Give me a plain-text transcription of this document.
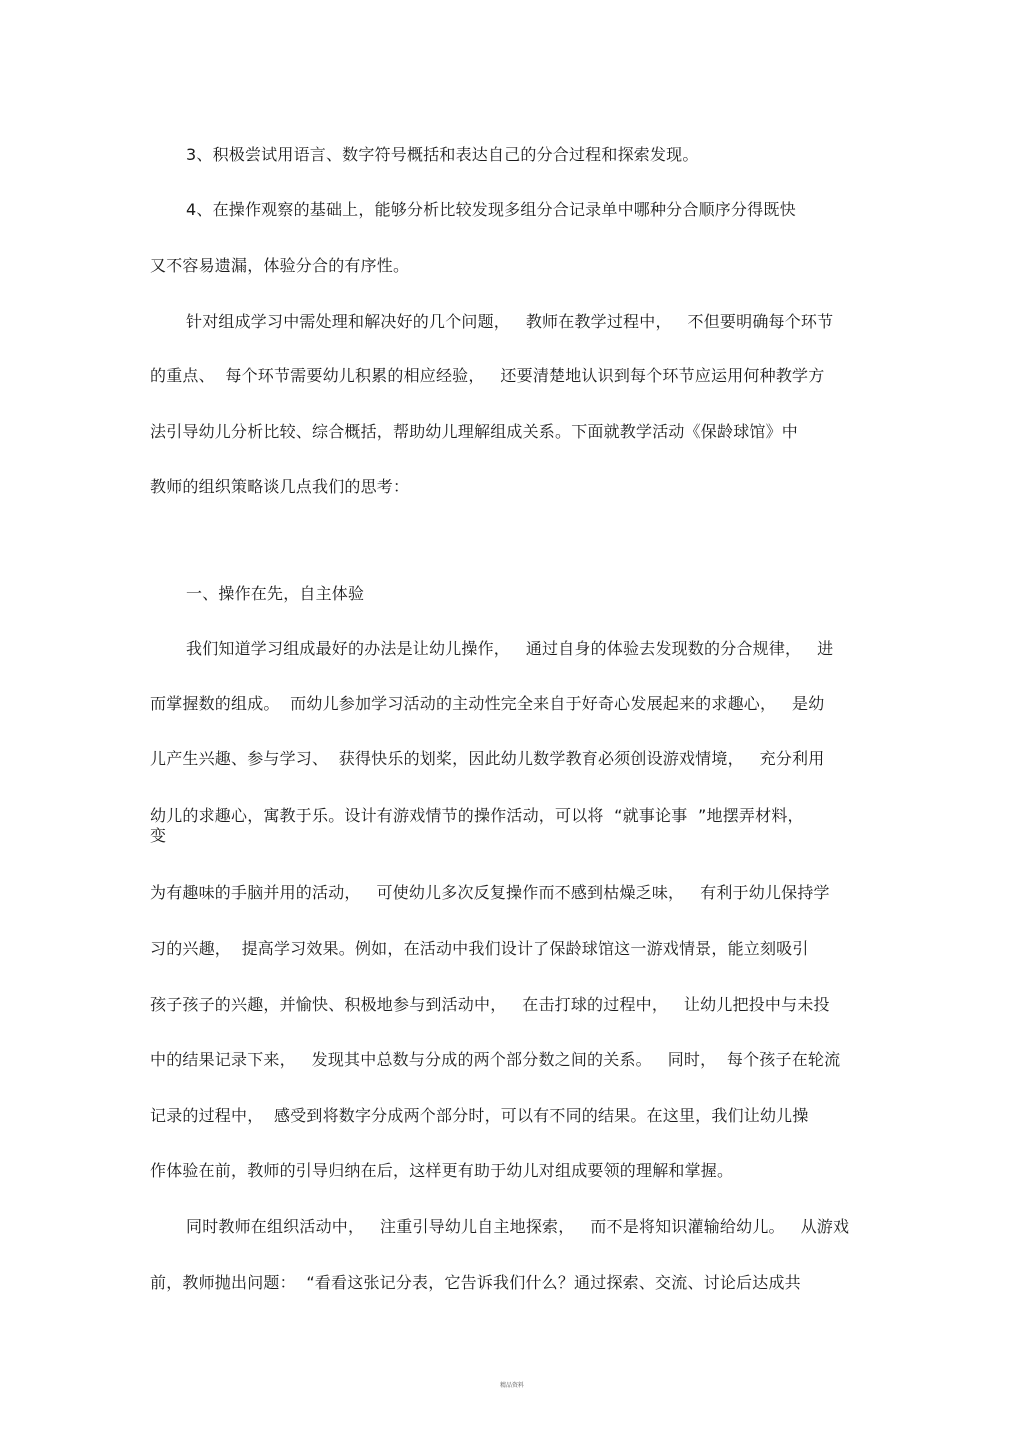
3、积极尝试用语言、数字符号概括和表达自己的分合过程和探索发现。
4、在操作观察的基础上，能够分析比较发现多组分合记录单中哪种分合顺序分得既快
又不容易遗漏，体验分合的有序性。
针对组成学习中需处理和解决好的几个问题，   教师在教学过程中，   不但要明确每个环节
的重点、  每个环节需要幼儿积累的相应经验，   还要清楚地认识到每个环节应运用何种教学方
法引导幼儿分析比较、综合概括，帮助幼儿理解组成关系。下面就教学活动《保龄球馆》中
教师的组织策略谈几点我们的思考：
一、操作在先，自主体验
我们知道学习组成最好的办法是让幼儿操作，   通过自身的体验去发现数的分合规律，   进
而掌握数的组成。  而幼儿参加学习活动的主动性完全来自于好奇心发展起来的求趣心，   是幼
儿产生兴趣、参与学习、  获得快乐的划桨，因此幼儿数学教育必须创设游戏情境，   充分利用
幼儿的求趣心，寓教于乐。设计有游戏情节的操作活动，可以将  “就事论事  ”地摆弄材料，
变
为有趣味的手脑并用的活动，   可使幼儿多次反复操作而不感到枯燥乏味，   有利于幼儿保持学
习的兴趣，  提高学习效果。例如，在活动中我们设计了保龄球馆这一游戏情景，能立刻吸引
孩子孩子的兴趣，并愉快、积极地参与到活动中，   在击打球的过程中，   让幼儿把投中与未投
中的结果记录下来，   发现其中总数与分成的两个部分数之间的关系。   同时，  每个孩子在轮流
记录的过程中，  感受到将数字分成两个部分时，可以有不同的结果。在这里，我们让幼儿操
作体验在前，教师的引导归纳在后，这样更有助于幼儿对组成要领的理解和掌握。
同时教师在组织活动中，   注重引导幼儿自主地探索，   而不是将知识灌输给幼儿。   从游戏
前，教师抛出问题：  “看看这张记分表，它告诉我们什么？通过探索、交流、讨论后达成共
精品资料
